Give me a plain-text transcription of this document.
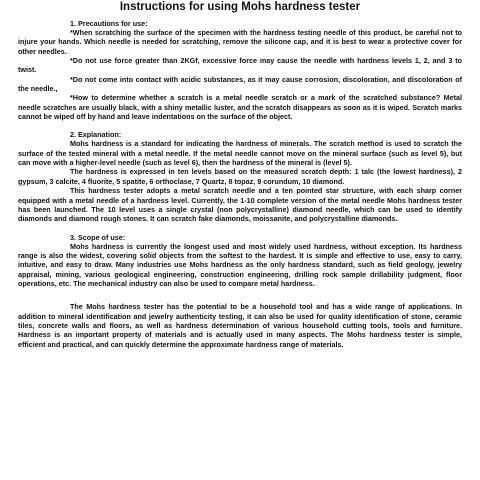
Instructions for using Mohs hardness tester
1. Precautions for use:

*When scratching the surface of the specimen with the hardness testing needle of this product, be careful not to injure your hands. Which needle is needed for scratching, remove the silicone cap, and it is best to wear a protective cover for other needles.

*Do not use force greater than 2KGf, excessive force may cause the needle with hardness levels 1, 2, and 3 to twist.

*Do not come into contact with acidic substances, as it may cause corrosion, discoloration, and discoloration of the needle.,

*How to determine whether a scratch is a metal needle scratch or a mark of the scratched substance? Metal needle scratches are usually black, with a shiny metallic luster, and the scratch disappears as soon as it is wiped. Scratch marks cannot be wiped off by hand and leave indentations on the surface of the object.

2. Explanation:

Mohs hardness is a standard for indicating the hardness of minerals. The scratch method is used to scratch the surface of the tested mineral with a metal needle. If the metal needle cannot move on the mineral surface (such as level 5), but can move with a higher-level needle (such as level 6), then the hardness of the mineral is (level 5).

The hardness is expressed in ten levels based on the measured scratch depth: 1 talc (the lowest hardness), 2 gypsum, 3 calcite, 4 fluorite, 5 spatite, 6 orthoclase, 7 Quartz, 8 topaz, 9 corundum, 10 diamond.

This hardness tester adopts a metal scratch needle and a ten pointed star structure, with each sharp corner equipped with a metal needle of a hardness level. Currently, the 1-10 complete version of the metal needle Mohs hardness tester has been launched. The 10 level uses a single crystal (non polycrystalline) diamond needle, which can be used to identify diamonds and diamond rough stones. It can scratch fake diamonds, moissanite, and polycrystalline diamonds.

3. Scope of use:

Mohs hardness is currently the longest used and most widely used hardness, without exception. Its hardness range is also the widest, covering solid objects from the softest to the hardest. It is simple and effective to use, easy to carry, intuitive, and easy to draw. Many industries use Mohs hardness as the only hardness standard, such as field geology, jewelry appraisal, mining, various geological engineering, construction engineering, drilling rock sample drillability judgment, floor operations, etc. The mechanical industry can also be used to compare metal hardness.

The Mohs hardness tester has the potential to be a household tool and has a wide range of applications. In addition to mineral identification and jewelry authenticity testing, it can also be used for quality identification of stone, ceramic tiles, concrete walls and floors, as well as hardness determination of various household cutting tools, tools and furniture. Hardness is an important property of materials and is actually used in many aspects. The Mohs hardness tester is simple, efficient and practical, and can quickly determine the approximate hardness range of materials.
